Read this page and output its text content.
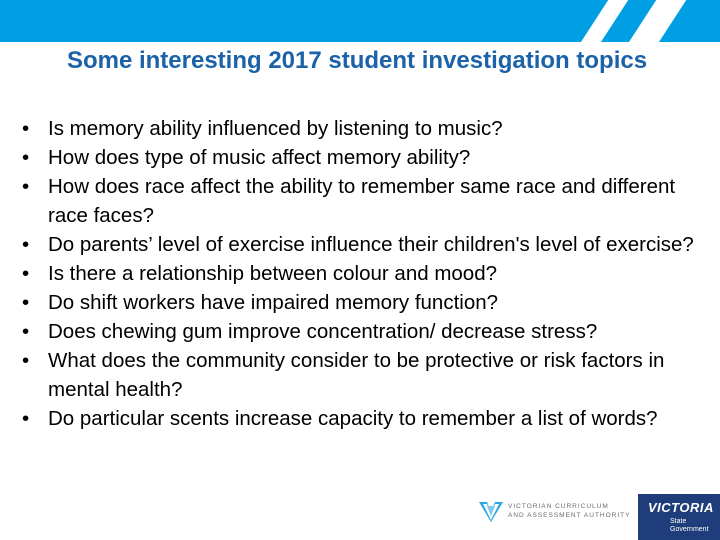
Some interesting 2017 student investigation topics
• Is memory ability influenced by listening to music?
• How does type of music affect memory ability?
• How does race affect the ability to remember same race and different race faces?
• Do parents’ level of exercise influence their children's level of exercise?
• Is there a relationship between colour and mood?
• Do shift workers have impaired memory function?
• Does chewing gum improve concentration/ decrease stress?
• What does the community consider to be protective or risk factors in mental health?
• Do particular scents increase capacity to remember a list of words?
VICTORIAN CURRICULUM
AND ASSESSMENT AUTHORITY
VICTORIA
State
Government
